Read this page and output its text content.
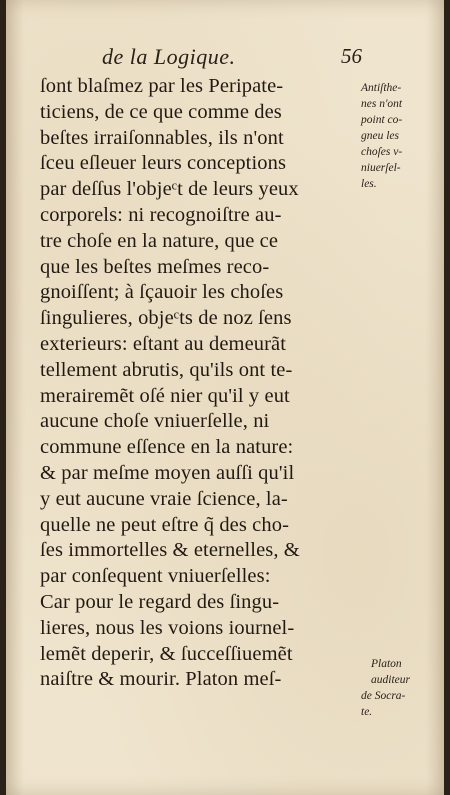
de la Logique.	56
ſont blaſmez par les Peripate-
ticiens, de ce que comme des
beſtes irraiſonnables, ils n'ont
ſceu eſleuer leurs conceptions
par deſſus l'objeᶜt de leurs yeux
corporels: ni recognoiſtre au-
tre choſe en la nature, que ce
que les beſtes meſmes reco-
gnoiſſent; à ſçauoir les choſes
ſingulieres, objeᶜts de noz ſens
exterieurs: eſtant au demeurãt
tellement abrutis, qu'ils ont te-
merairemẽt oſé nier qu'il y eut
aucune choſe vniuerſelle, ni
commune eſſence en la nature:
& par meſme moyen auſſi qu'il
y eut aucune vraie ſcience, la-
quelle ne peut eſtre q̃ des cho-
ſes immortelles & eternelles, &
par conſequent vniuerſelles:
Car pour le regard des ſingu-
lieres, nous les voions iournel-
lemẽt deperir, & ſucceſſiuemẽt
naiſtre & mourir. Platon meſ-
Antiſthe-
nes n'ont
point co-
gneu les
choſes v-
niuerſel-
les.
Platon
auditeur
de Socra-
te.
